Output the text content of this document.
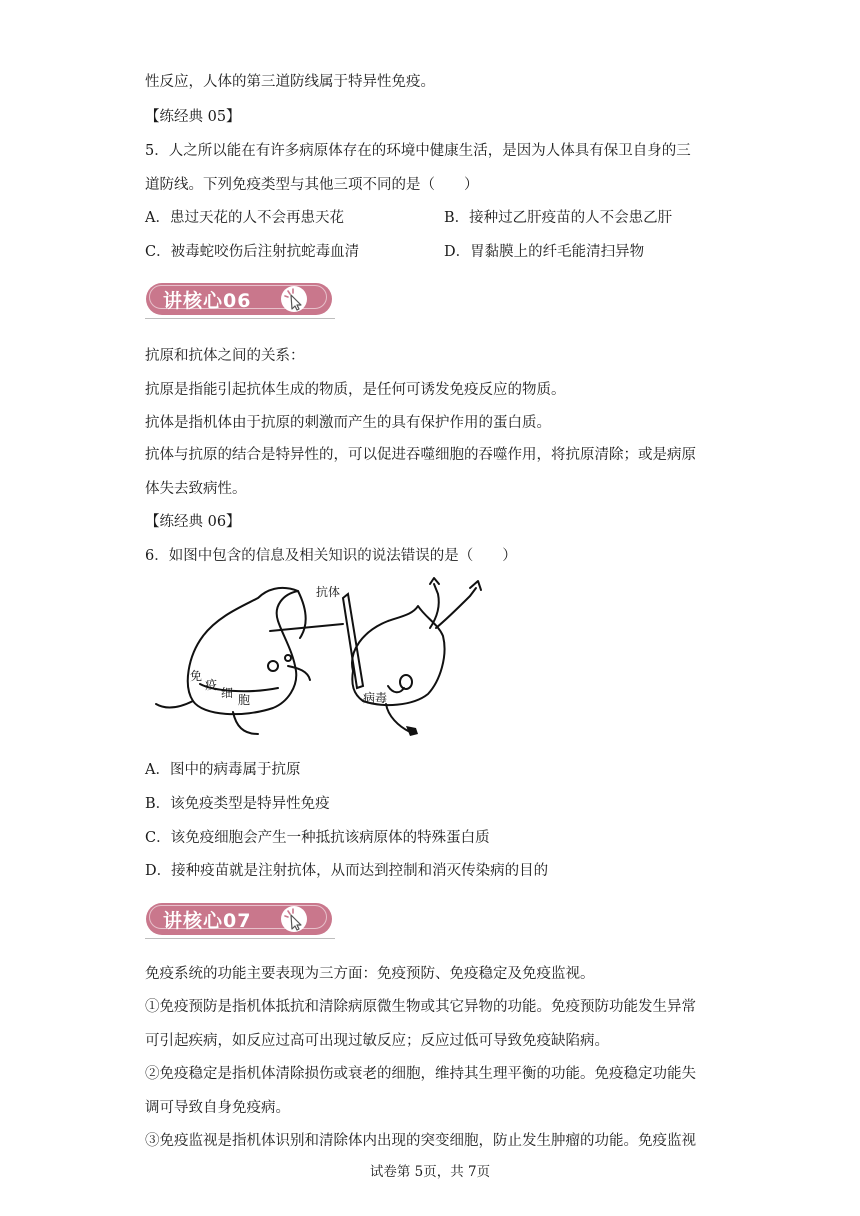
性反应，人体的第三道防线属于特异性免疫。
【练经典 05】
5．人之所以能在有许多病原体存在的环境中健康生活，是因为人体具有保卫自身的三
道防线。下列免疫类型与其他三项不同的是（　　）
A．患过天花的人不会再患天花	B．接种过乙肝疫苗的人不会患乙肝
C．被毒蛇咬伤后注射抗蛇毒血清	D．胃黏膜上的纤毛能清扫异物
讲核心06
抗原和抗体之间的关系：
抗原是指能引起抗体生成的物质，是任何可诱发免疫反应的物质。
抗体是指机体由于抗原的刺激而产生的具有保护作用的蛋白质。
抗体与抗原的结合是特异性的，可以促进吞噬细胞的吞噬作用，将抗原清除；或是病原
体失去致病性。
【练经典 06】
6．如图中包含的信息及相关知识的说法错误的是（　　）
抗体
病毒
免
疫
细 胞
A．图中的病毒属于抗原
B．该免疫类型是特异性免疫
C．该免疫细胞会产生一种抵抗该病原体的特殊蛋白质
D．接种疫苗就是注射抗体，从而达到控制和消灭传染病的目的
讲核心07
免疫系统的功能主要表现为三方面：免疫预防、免疫稳定及免疫监视。
①免疫预防是指机体抵抗和清除病原微生物或其它异物的功能。免疫预防功能发生异常
可引起疾病，如反应过高可出现过敏反应；反应过低可导致免疫缺陷病。
②免疫稳定是指机体清除损伤或衰老的细胞，维持其生理平衡的功能。免疫稳定功能失
调可导致自身免疫病。
③免疫监视是指机体识别和清除体内出现的突变细胞，防止发生肿瘤的功能。免疫监视
试卷第 5页，共 7页
